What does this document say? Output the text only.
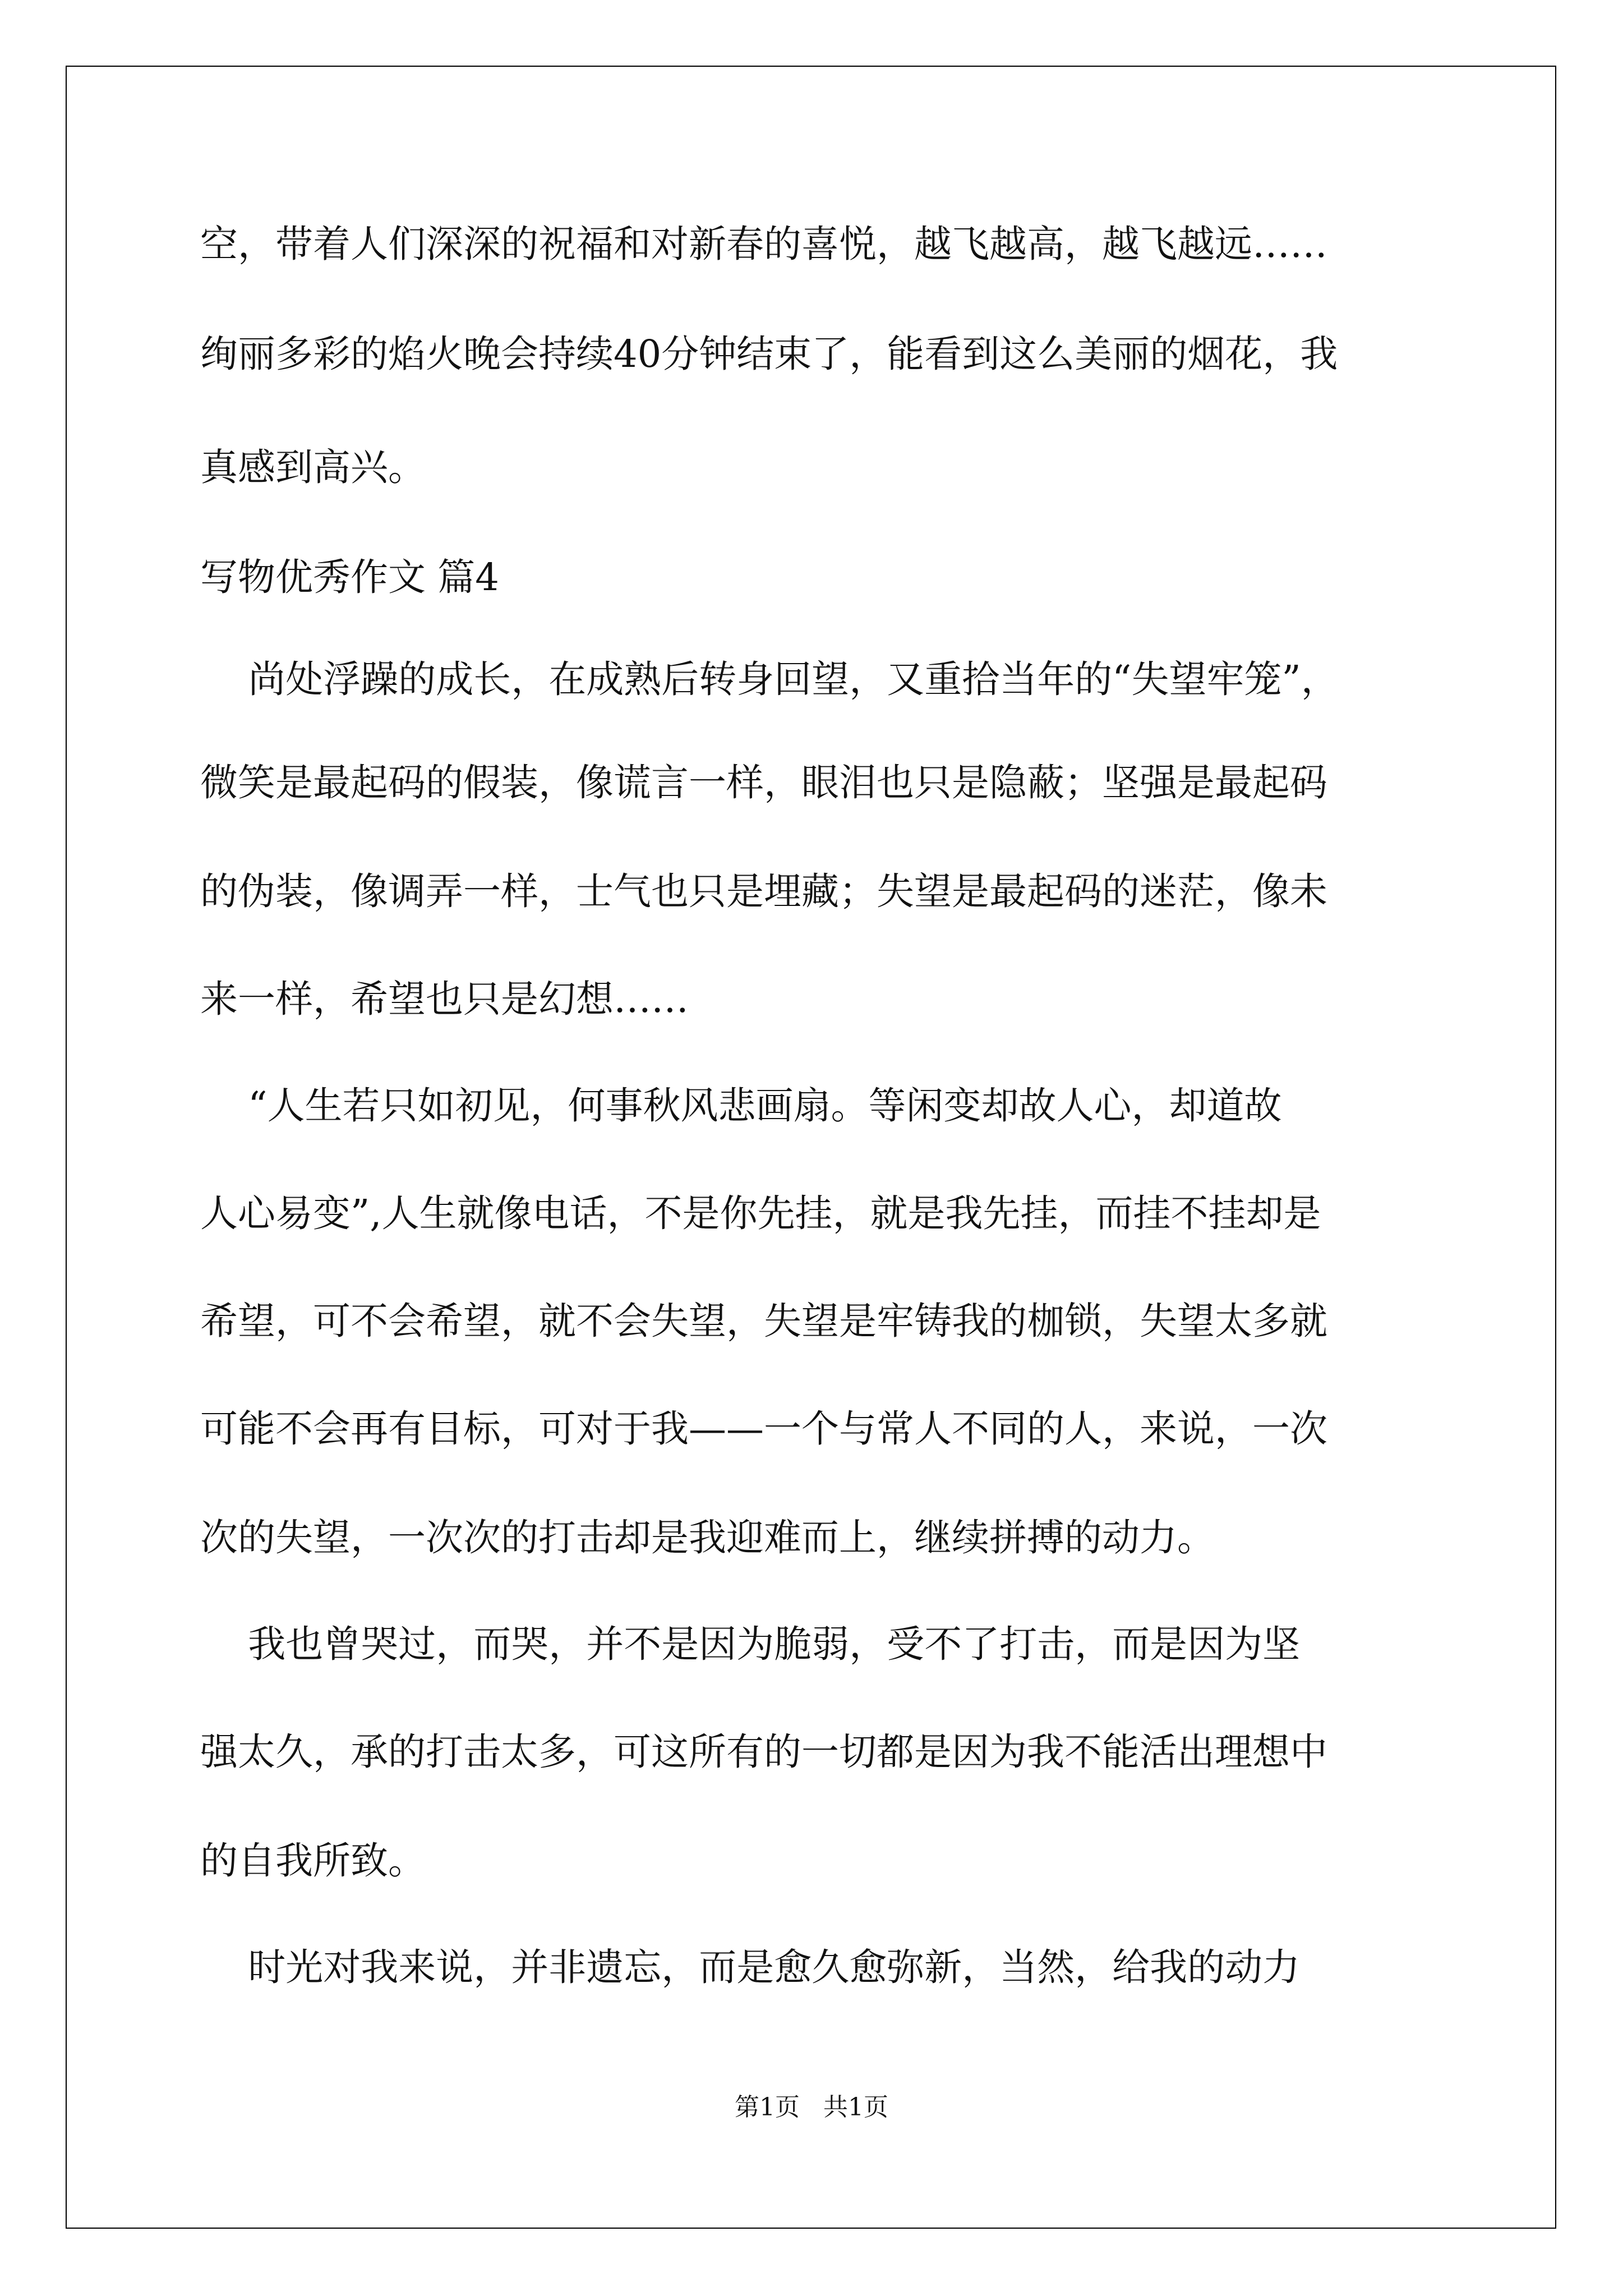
空，带着人们深深的祝福和对新春的喜悦，越飞越高，越飞越远……
绚丽多彩的焰火晚会持续40分钟结束了，能看到这么美丽的烟花，我
真感到高兴。
写物优秀作文 篇4
尚处浮躁的成长，在成熟后转身回望，又重拾当年的“失望牢笼”，
微笑是最起码的假装，像谎言一样，眼泪也只是隐蔽；坚强是最起码
的伪装，像调弄一样，士气也只是埋藏；失望是最起码的迷茫，像未
来一样，希望也只是幻想……
“人生若只如初见，何事秋风悲画扇。等闲变却故人心，却道故
人心易变”,人生就像电话，不是你先挂，就是我先挂，而挂不挂却是
希望，可不会希望，就不会失望，失望是牢铸我的枷锁，失望太多就
可能不会再有目标，可对于我——一个与常人不同的人，来说，一次
次的失望，一次次的打击却是我迎难而上，继续拼搏的动力。
我也曾哭过，而哭，并不是因为脆弱，受不了打击，而是因为坚
强太久，承的打击太多，可这所有的一切都是因为我不能活出理想中
的自我所致。
时光对我来说，并非遗忘，而是愈久愈弥新，当然，给我的动力
第1页   共1页
